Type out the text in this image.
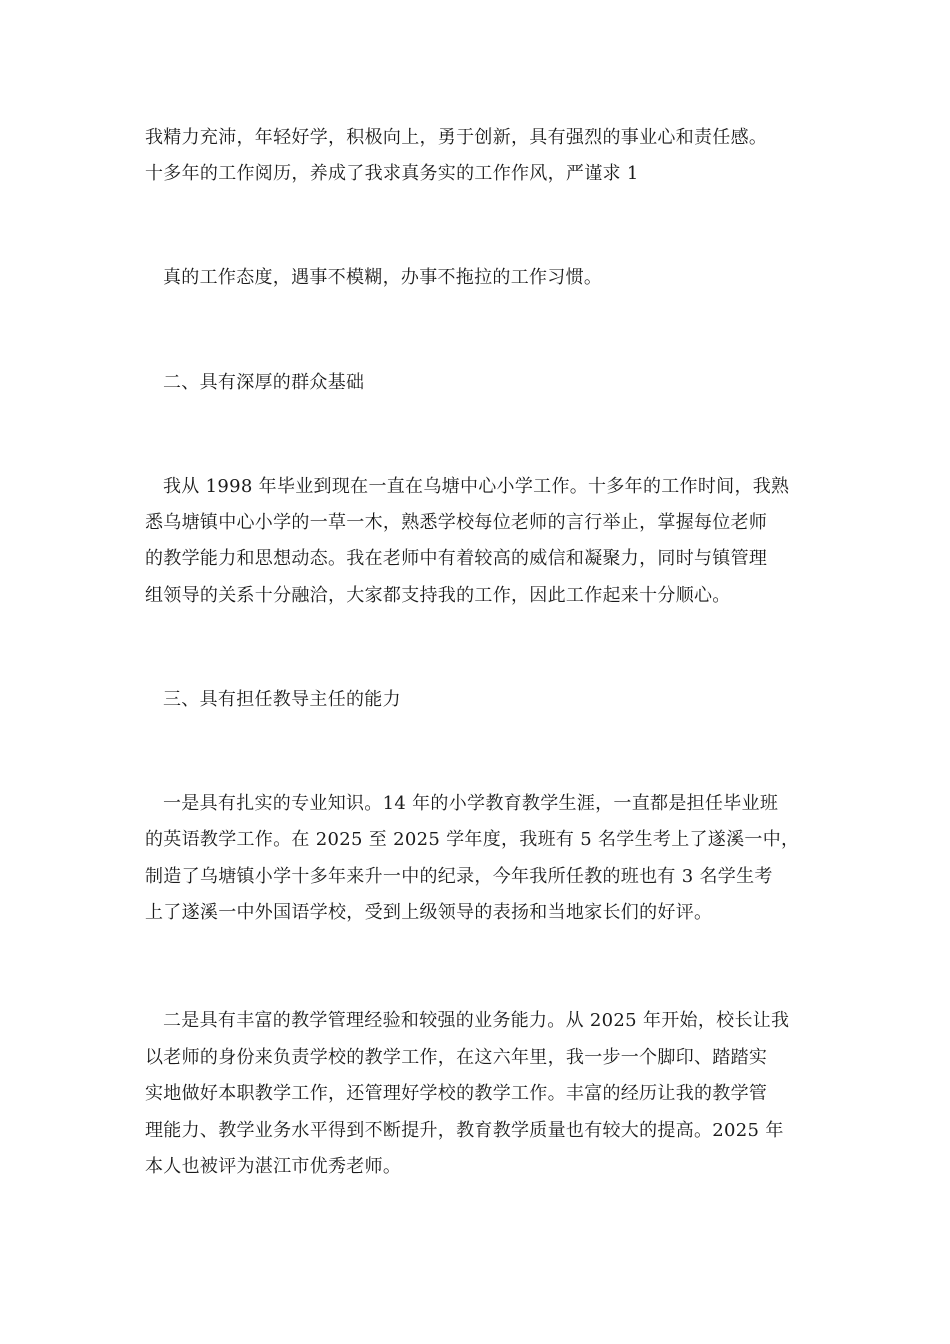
我精力充沛，年轻好学，积极向上，勇于创新，具有强烈的事业心和责任感。
十多年的工作阅历，养成了我求真务实的工作作风，严谨求 1
真的工作态度，遇事不模糊，办事不拖拉的工作习惯。
二、具有深厚的群众基础
我从 1998 年毕业到现在一直在乌塘中心小学工作。十多年的工作时间，我熟
悉乌塘镇中心小学的一草一木，熟悉学校每位老师的言行举止，掌握每位老师
的教学能力和思想动态。我在老师中有着较高的威信和凝聚力，同时与镇管理
组领导的关系十分融洽，大家都支持我的工作，因此工作起来十分顺心。
三、具有担任教导主任的能力
一是具有扎实的专业知识。14 年的小学教育教学生涯，一直都是担任毕业班
的英语教学工作。在 2025 至 2025 学年度，我班有 5 名学生考上了遂溪一中，
制造了乌塘镇小学十多年来升一中的纪录，今年我所任教的班也有 3 名学生考
上了遂溪一中外国语学校，受到上级领导的表扬和当地家长们的好评。
二是具有丰富的教学管理经验和较强的业务能力。从 2025 年开始，校长让我
以老师的身份来负责学校的教学工作，在这六年里，我一步一个脚印、踏踏实
实地做好本职教学工作，还管理好学校的教学工作。丰富的经历让我的教学管
理能力、教学业务水平得到不断提升，教育教学质量也有较大的提高。2025 年
本人也被评为湛江市优秀老师。
